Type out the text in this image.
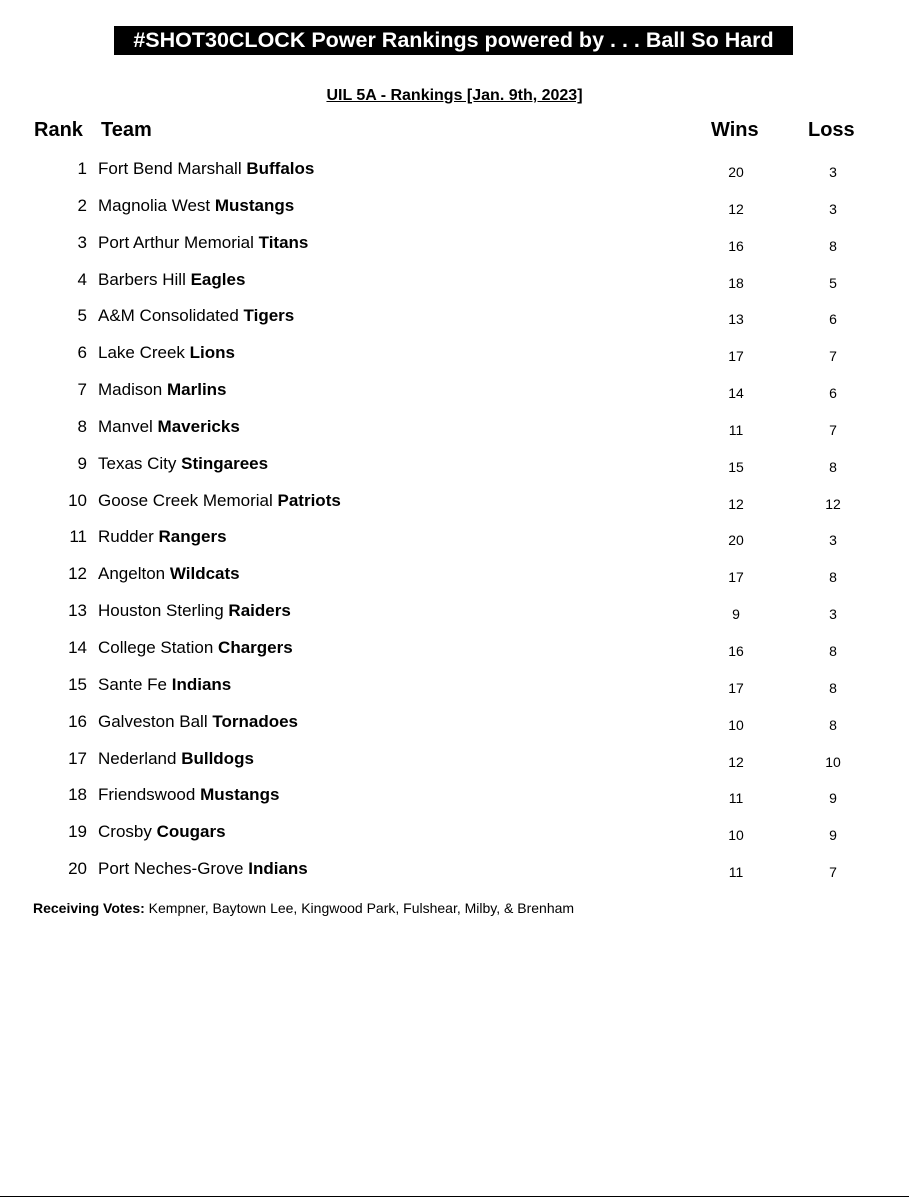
#SHOT30CLOCK Power Rankings powered by . . . Ball So Hard
UIL 5A - Rankings [Jan. 9th, 2023]
Rank Team	Wins Loss
1 Fort Bend Marshall Buffalos	20	3
2 Magnolia West Mustangs	12	3
3 Port Arthur Memorial Titans	16	8
4 Barbers Hill Eagles	18	5
5 A&M Consolidated Tigers	13	6
6 Lake Creek Lions	17	7
7 Madison Marlins	14	6
8 Manvel Mavericks	11	7
9 Texas City Stingarees	15	8
10 Goose Creek Memorial Patriots	12	12
11 Rudder Rangers	20	3
12 Angelton Wildcats	17	8
13 Houston Sterling Raiders	9	3
14 College Station Chargers	16	8
15 Sante Fe Indians	17	8
16 Galveston Ball Tornadoes	10	8
17 Nederland Bulldogs	12	10
18 Friendswood Mustangs	11	9
19 Crosby Cougars	10	9
20 Port Neches-Grove Indians	11	7
Receiving Votes: Kempner, Baytown Lee, Kingwood Park, Fulshear, Milby, & Brenham
